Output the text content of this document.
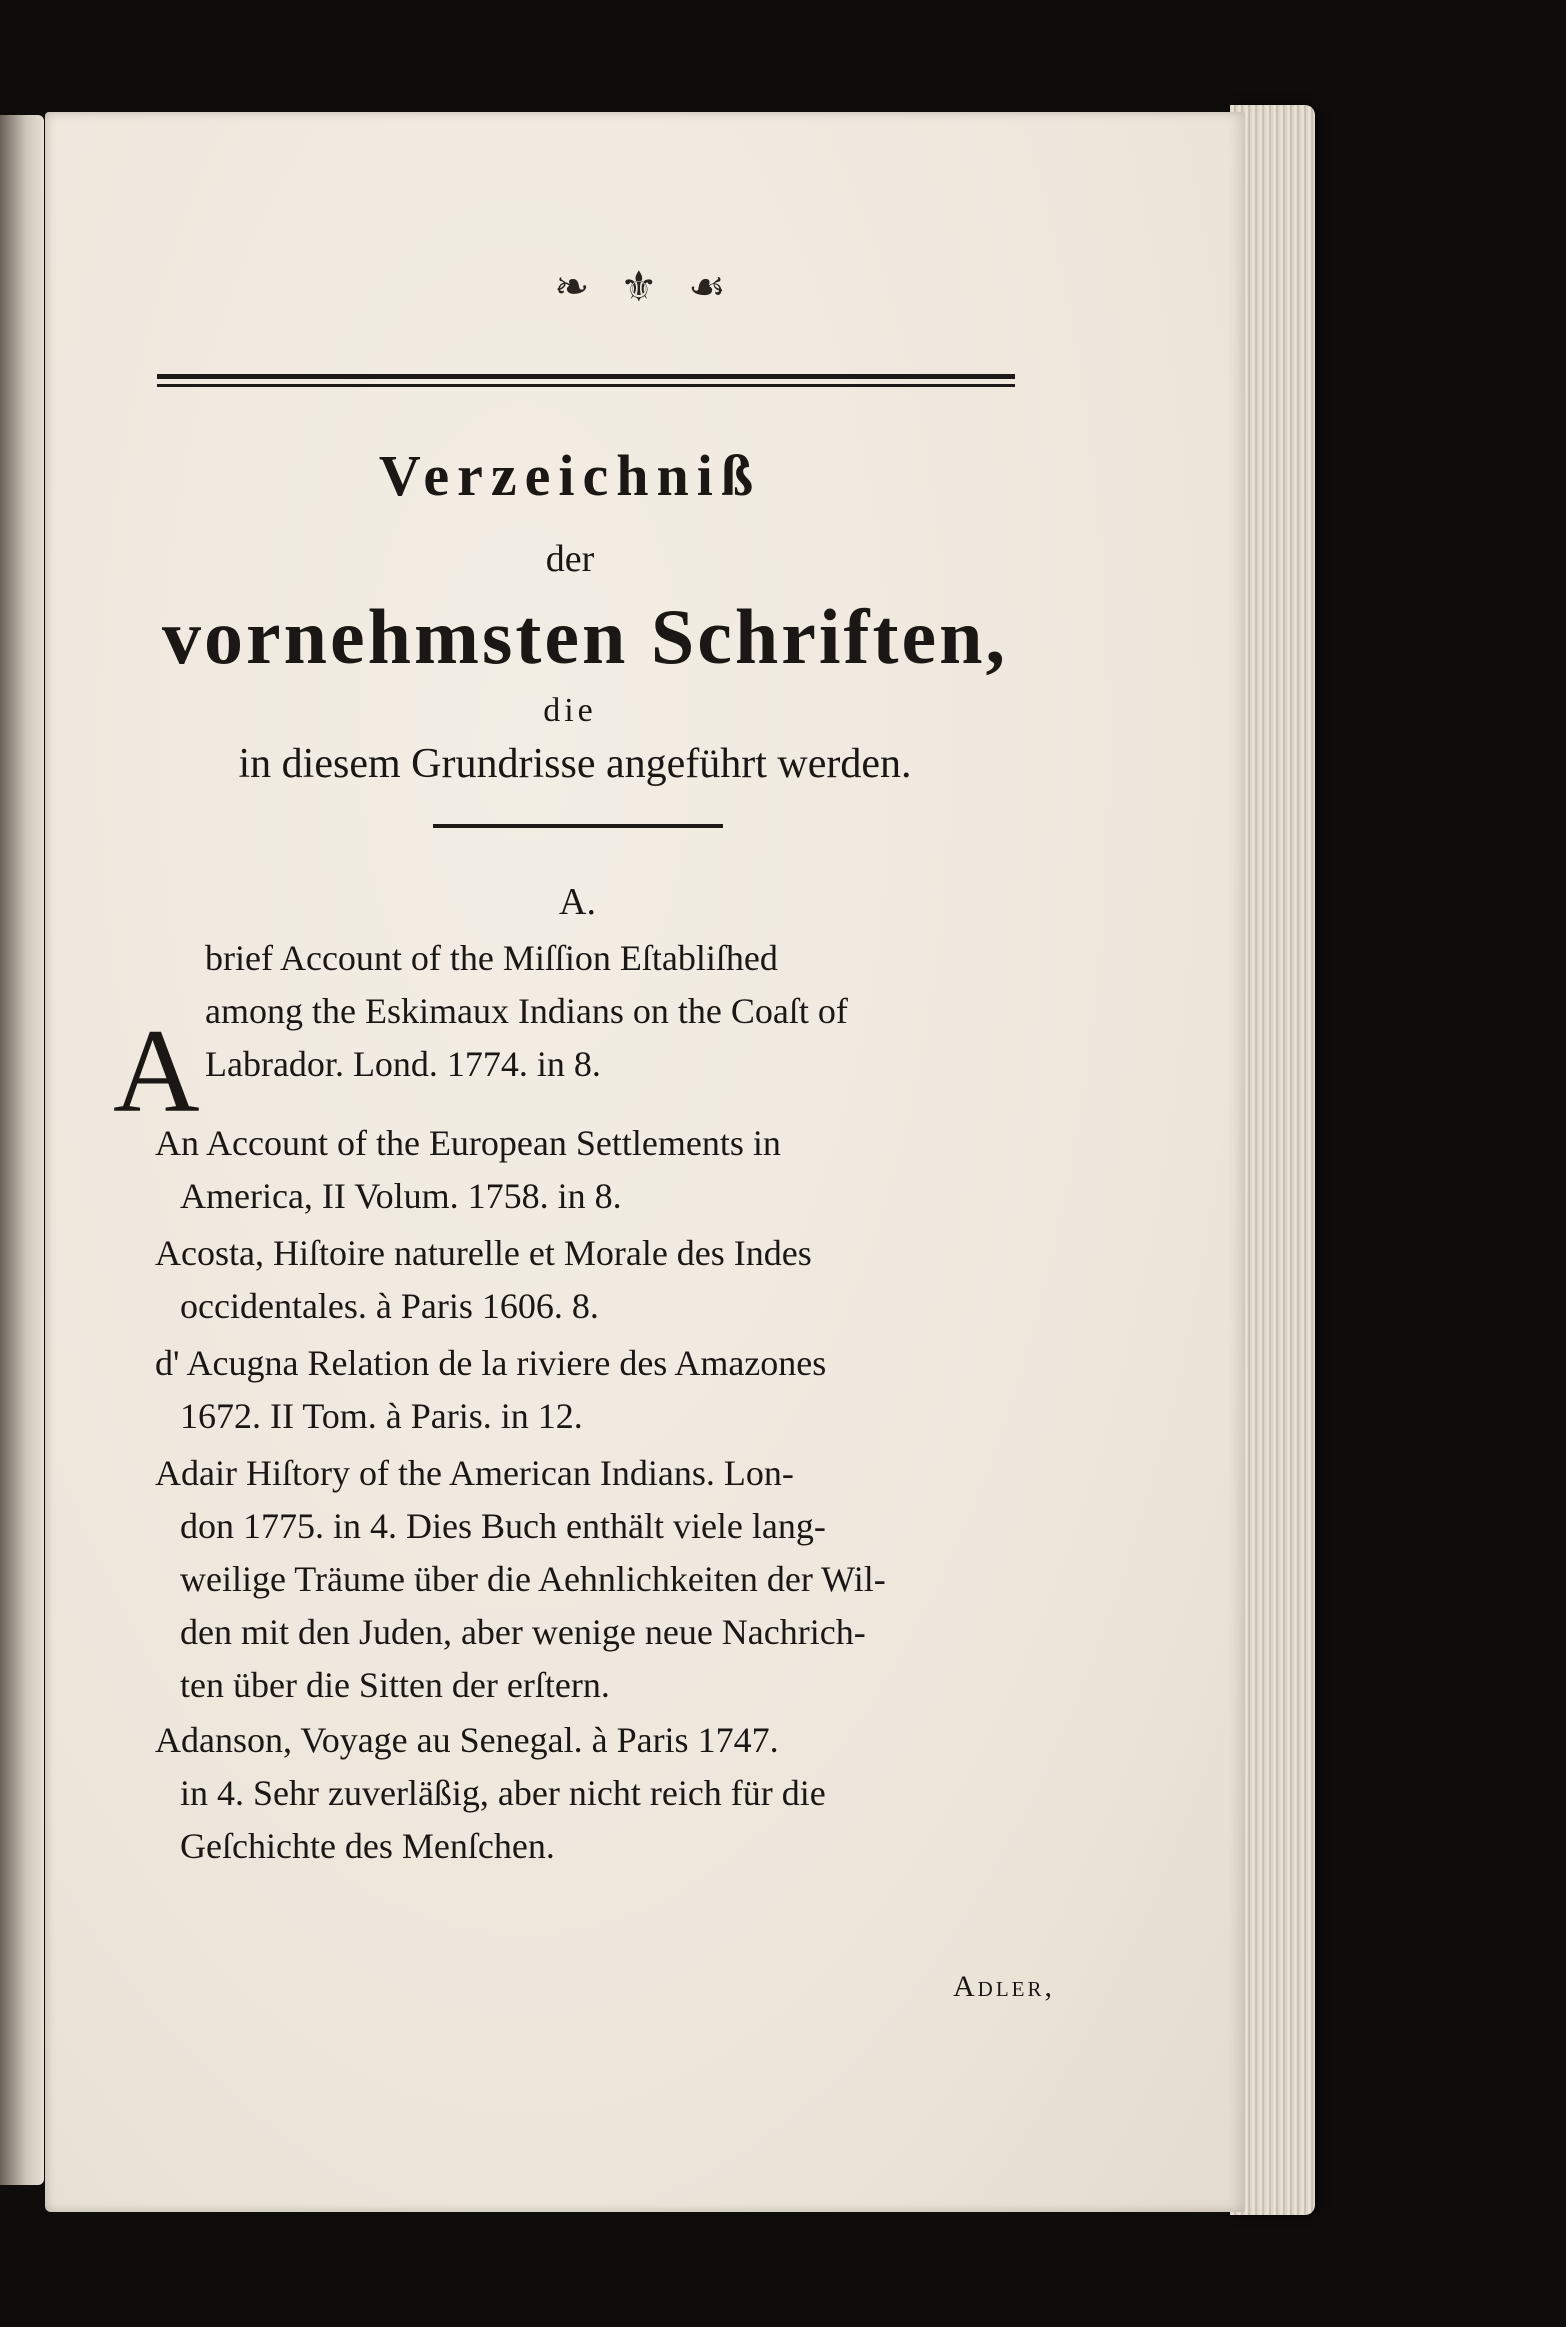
❧ ⚜ ☙
Verzeichniß
der
vornehmsten Schriften,
die
in diesem Grundrisse angeführt werden.
A.
A
brief Account of the Miſſion Eſtabliſhed
among the Eskimaux Indians on the Coaſt of
Labrador. Lond. 1774. in 8.
An Account of the European Settlements in
America, II Volum. 1758. in 8.
Acosta, Hiſtoire naturelle et Morale des Indes
occidentales. à Paris 1606. 8.
d' Acugna Relation de la riviere des Amazones
1672. II Tom. à Paris. in 12.
Adair Hiſtory of the American Indians. Lon-
don 1775. in 4. Dies Buch enthält viele lang-
weilige Träume über die Aehnlichkeiten der Wil-
den mit den Juden, aber wenige neue Nachrich-
ten über die Sitten der erſtern.
Adanson, Voyage au Senegal. à Paris 1747.
in 4. Sehr zuverläßig, aber nicht reich für die
Geſchichte des Menſchen.
Adler,
